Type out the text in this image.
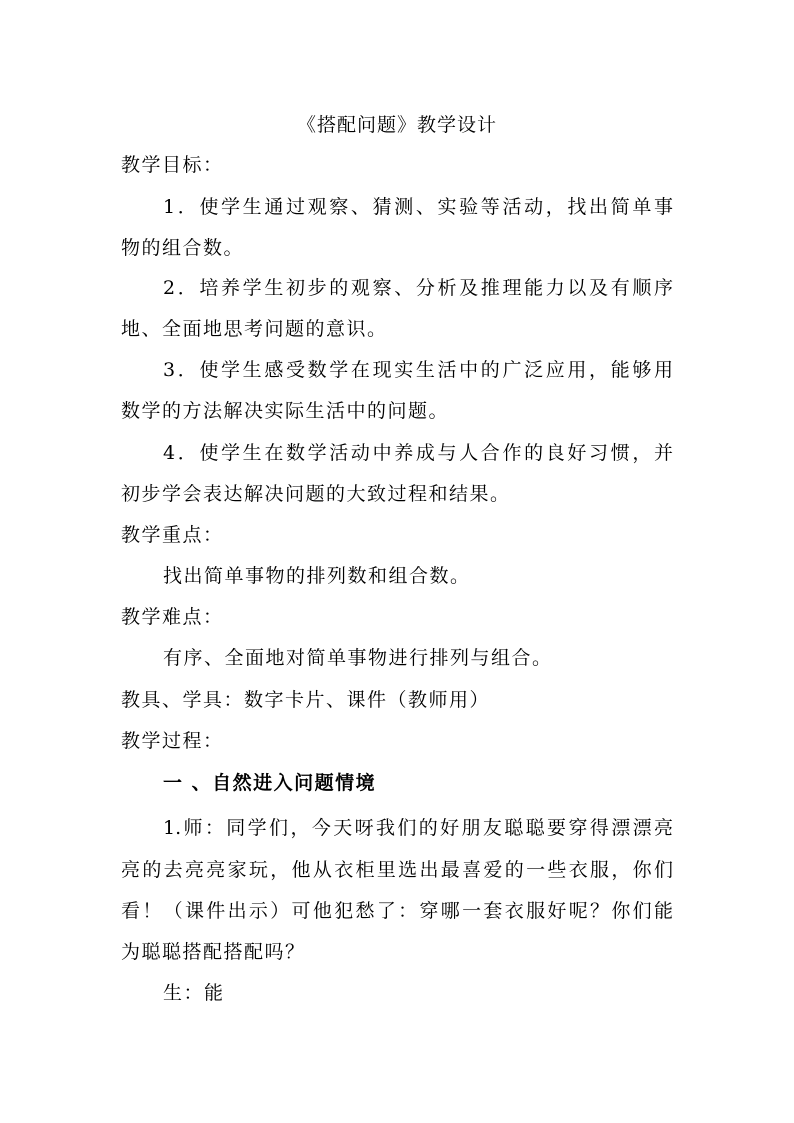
《搭配问题》教学设计
教学目标：
1．使学生通过观察、猜测、实验等活动，找出简单事
物的组合数。
2．培养学生初步的观察、分析及推理能力以及有顺序
地、全面地思考问题的意识。
3．使学生感受数学在现实生活中的广泛应用，能够用
数学的方法解决实际生活中的问题。
4．使学生在数学活动中养成与人合作的良好习惯，并
初步学会表达解决问题的大致过程和结果。
教学重点：
找出简单事物的排列数和组合数。
教学难点：
有序、全面地对简单事物进行排列与组合。
教具、学具：数字卡片、课件（教师用）
教学过程：
一 、自然进入问题情境
1.师：同学们，今天呀我们的好朋友聪聪要穿得漂漂亮
亮的去亮亮家玩，他从衣柜里选出最喜爱的一些衣服，你们
看！（课件出示）可他犯愁了：穿哪一套衣服好呢？你们能
为聪聪搭配搭配吗？
生：能
